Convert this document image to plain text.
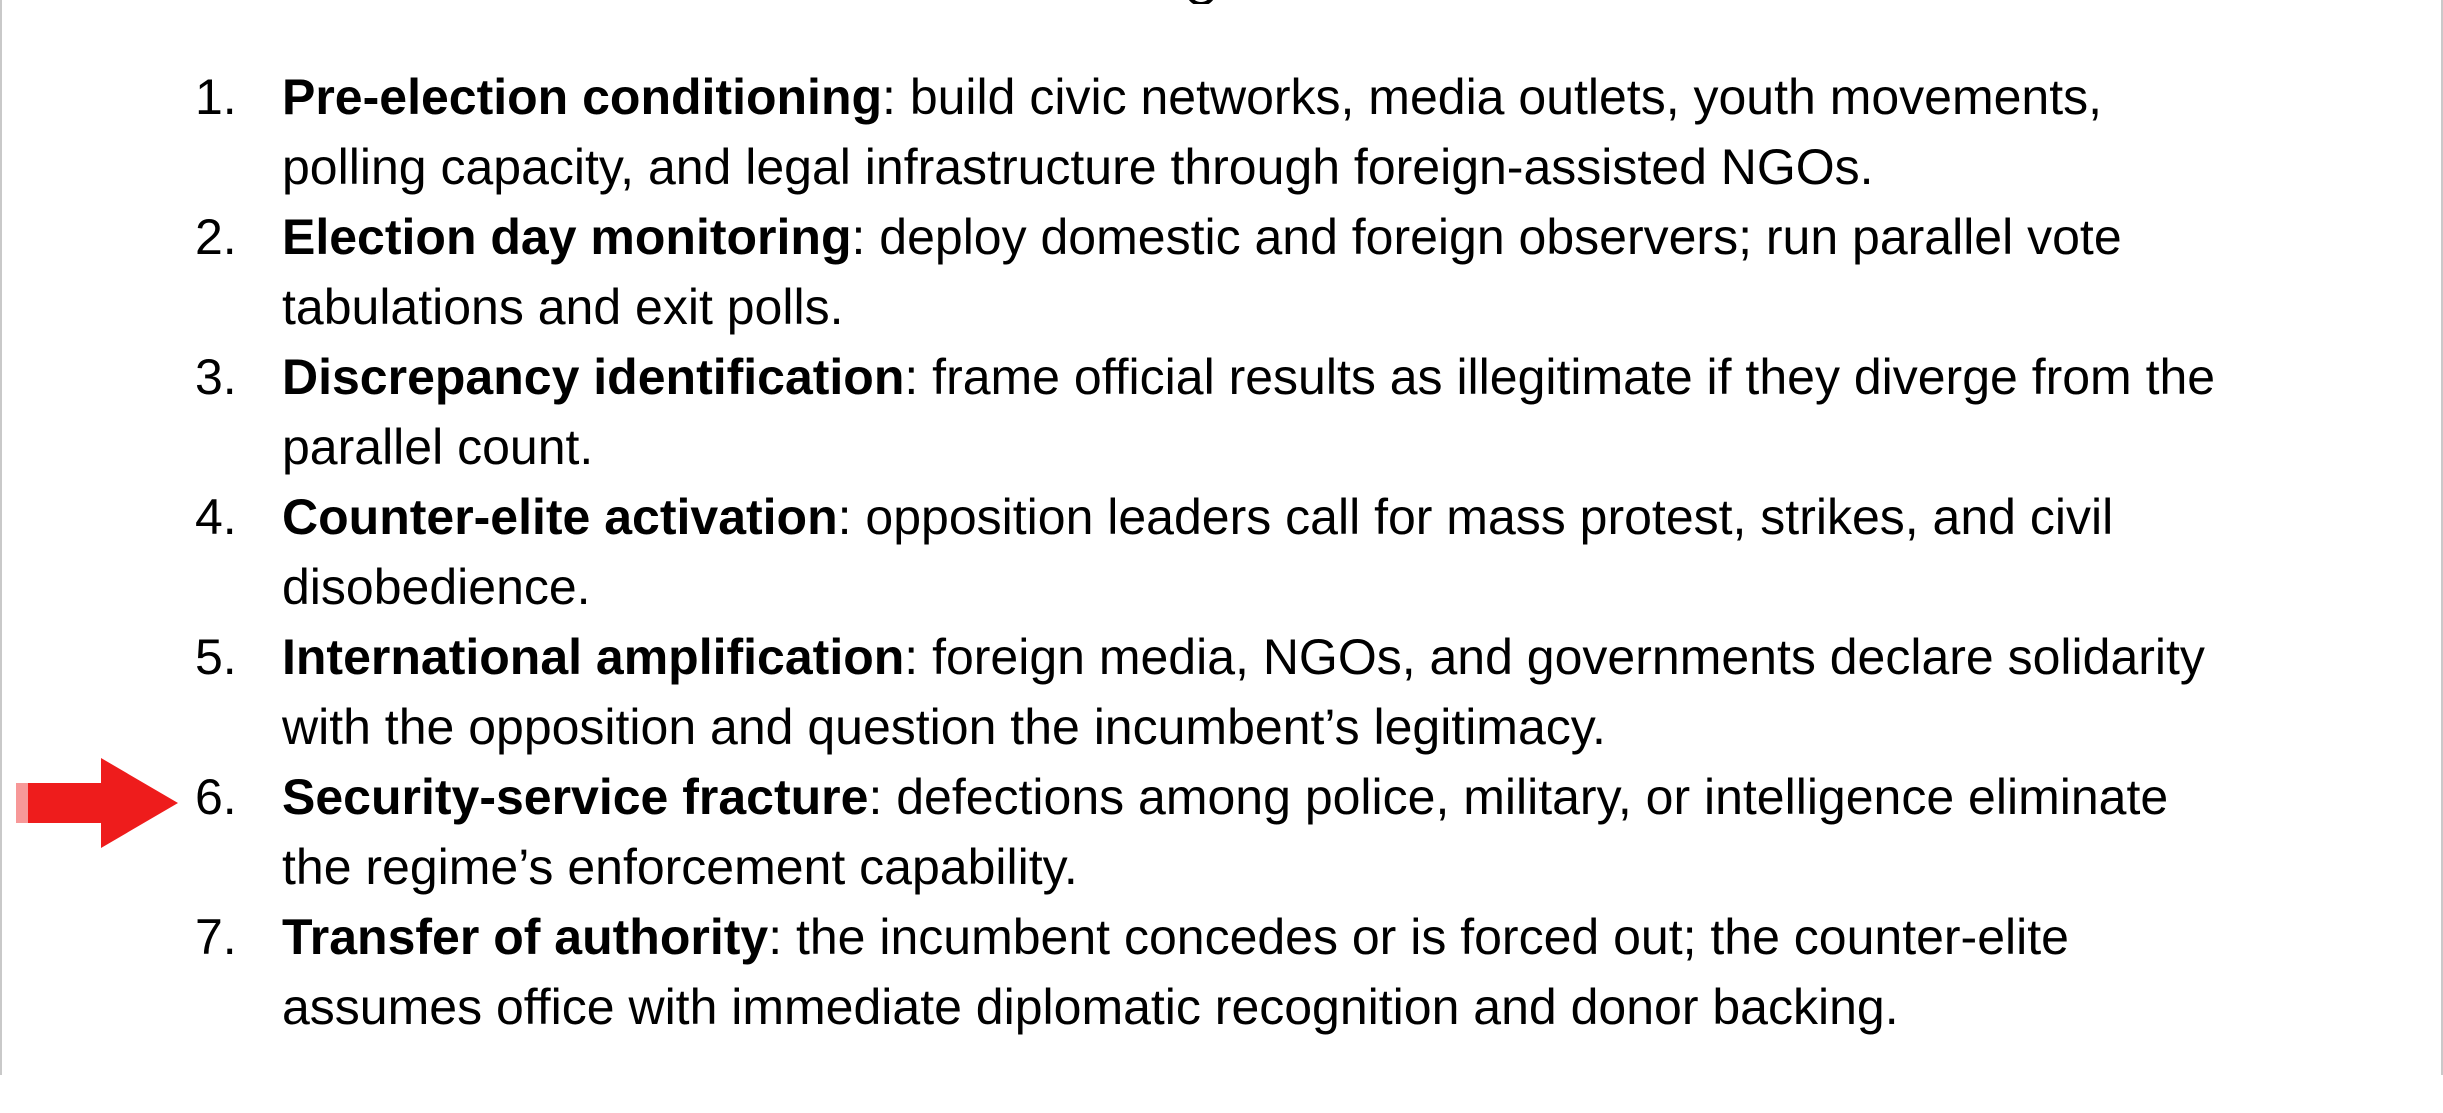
1. Pre-election conditioning: build civic networks, media outlets, youth movements,
polling capacity, and legal infrastructure through foreign-assisted NGOs.
2. Election day monitoring: deploy domestic and foreign observers; run parallel vote
tabulations and exit polls.
3. Discrepancy identification: frame official results as illegitimate if they diverge from the
parallel count.
4. Counter-elite activation: opposition leaders call for mass protest, strikes, and civil
disobedience.
5. International amplification: foreign media, NGOs, and governments declare solidarity
with the opposition and question the incumbent’s legitimacy.
6. Security-service fracture: defections among police, military, or intelligence eliminate
the regime’s enforcement capability.
7. Transfer of authority: the incumbent concedes or is forced out; the counter-elite
assumes office with immediate diplomatic recognition and donor backing.
